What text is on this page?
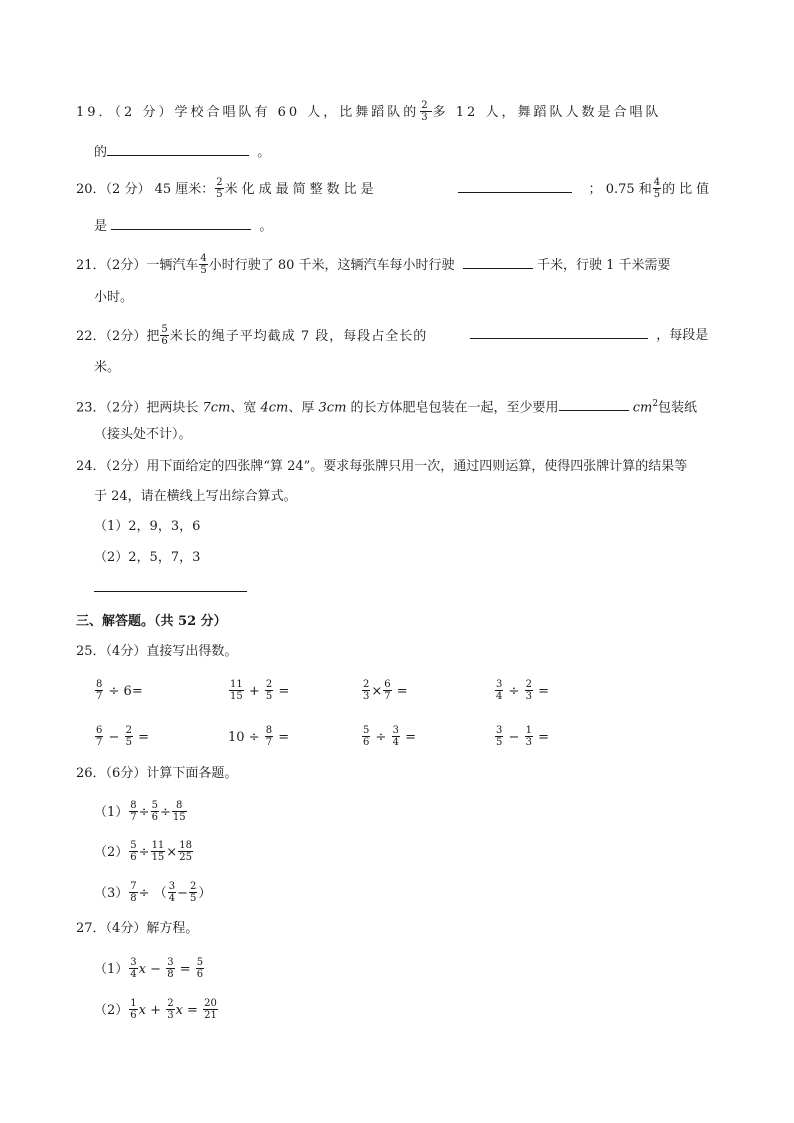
19．（2 分）学校合唱队有 60 人，比舞蹈队的 $\frac{2}{3}$ 多 12 人，舞蹈队人数是合唱队
的	。
20．（2 分） 45 厘米： $\frac{2}{5}$ 米化成最简整数比是	； 0.75 和 $\frac{4}{5}$ 的比值
是	。
21．（2分）一辆汽车 $\frac{4}{5}$ 小时行驶了 80 千米，这辆汽车每小时行驶	千米，行驶 1 千米需要
小时。
22．（2分）把 $\frac{5}{6}$ 米长的绳子平均截成 7 段，每段占全长的	，每段是
米。
23．（2分）把两块长 7cm、宽 4cm、厚 3cm 的长方体肥皂包装在一起，至少要用	$cm^2$包装纸
（接头处不计）。
24．（2分）用下面给定的四张牌“算 24”。要求每张牌只用一次，通过四则运算，使得四张牌计算的结果等
于 24，请在横线上写出综合算式。
（1）2，9，3，6
（2）2，5，7，3
三、解答题。（共 52 分）
25．（4分）直接写出得数。
$\frac{8}{7} \div 6=$	$\frac{11}{15} + \frac{2}{5}$ =	$\frac{2}{3} \times \frac{6}{7}$ =	$\frac{3}{4} \div \frac{2}{3}$ =
$\frac{6}{7} - \frac{2}{5}$ =	$10 \div \frac{8}{7}$ =	$\frac{5}{6} \div \frac{3}{4}$ =	$\frac{3}{5} - \frac{1}{3}$ =
26．（6分）计算下面各题。
$(1) \frac{8}{7} \div \frac{5}{6} \div \frac{8}{15}$
$(2) \frac{5}{6} \div \frac{11}{15} \times \frac{18}{25}$
$(3) \frac{7}{8}$ ÷ （ $\frac{3}{4} - \frac{2}{5}$ ）
27．（4分）解方程。
$(1) \frac{3}{4}$ $x - \frac{3}{8} = \frac{5}{6}$
$(2) \frac{1}{6}$ $x + \frac{2}{3}$ $x = \frac{20}{21}$
